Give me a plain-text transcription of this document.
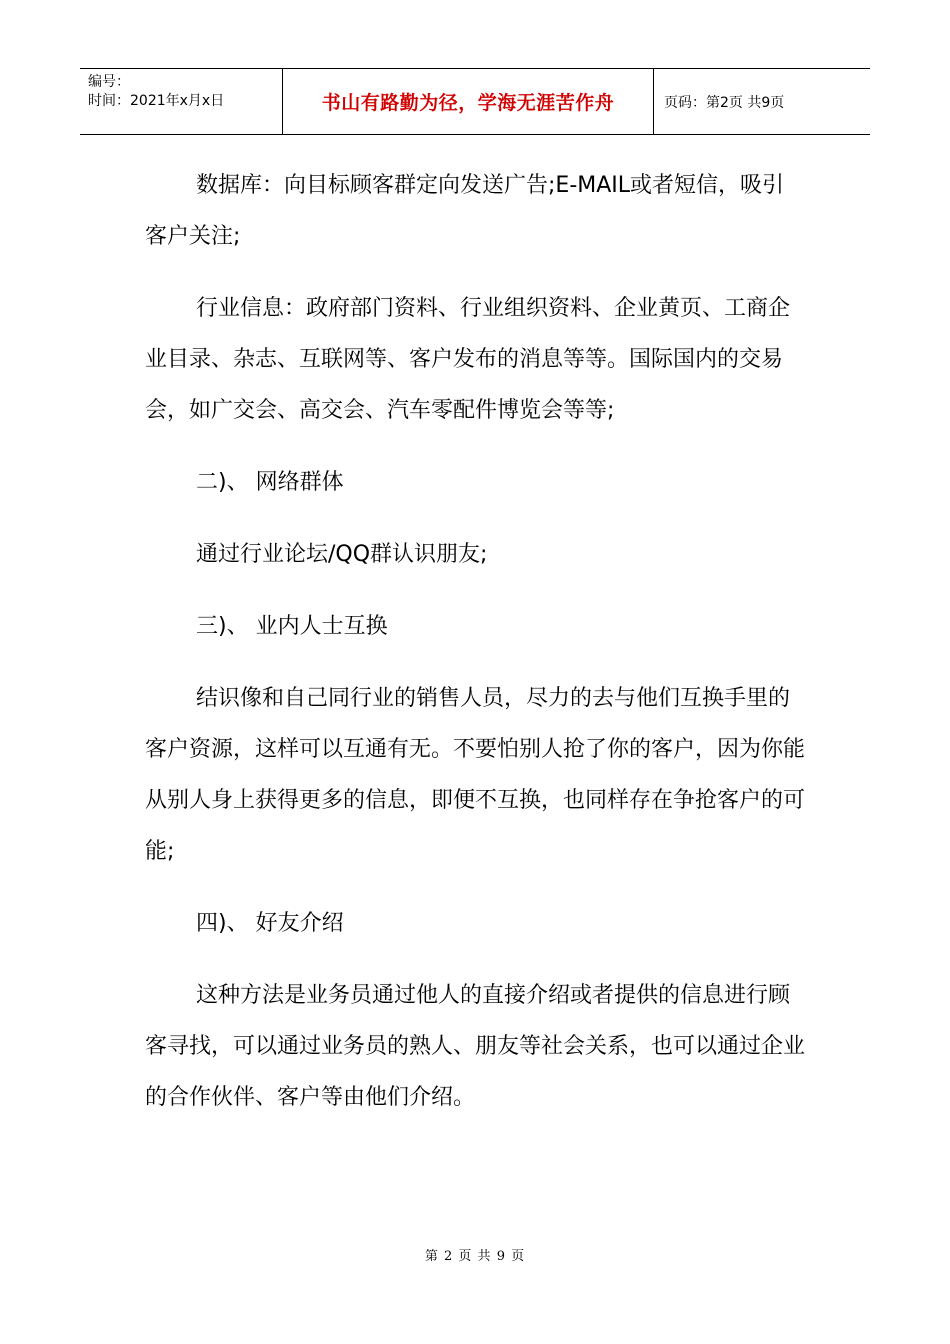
编号：
时间：2021年x月x日	书山有路勤为径，学海无涯苦作舟	页码：第2页 共9页

数据库：向目标顾客群定向发送广告;E-MAIL或者短信，吸引客户关注;

行业信息：政府部门资料、行业组织资料、企业黄页、工商企业目录、杂志、互联网等、客户发布的消息等等。国际国内的交易会，如广交会、高交会、汽车零配件博览会等等;

二)、 网络群体

通过行业论坛/QQ群认识朋友;

三)、 业内人士互换

结识像和自己同行业的销售人员，尽力的去与他们互换手里的客户资源，这样可以互通有无。不要怕别人抢了你的客户，因为你能从别人身上获得更多的信息，即便不互换，也同样存在争抢客户的可能;

四)、 好友介绍

这种方法是业务员通过他人的直接介绍或者提供的信息进行顾客寻找，可以通过业务员的熟人、朋友等社会关系，也可以通过企业的合作伙伴、客户等由他们介绍。

第 2 页 共 9 页
